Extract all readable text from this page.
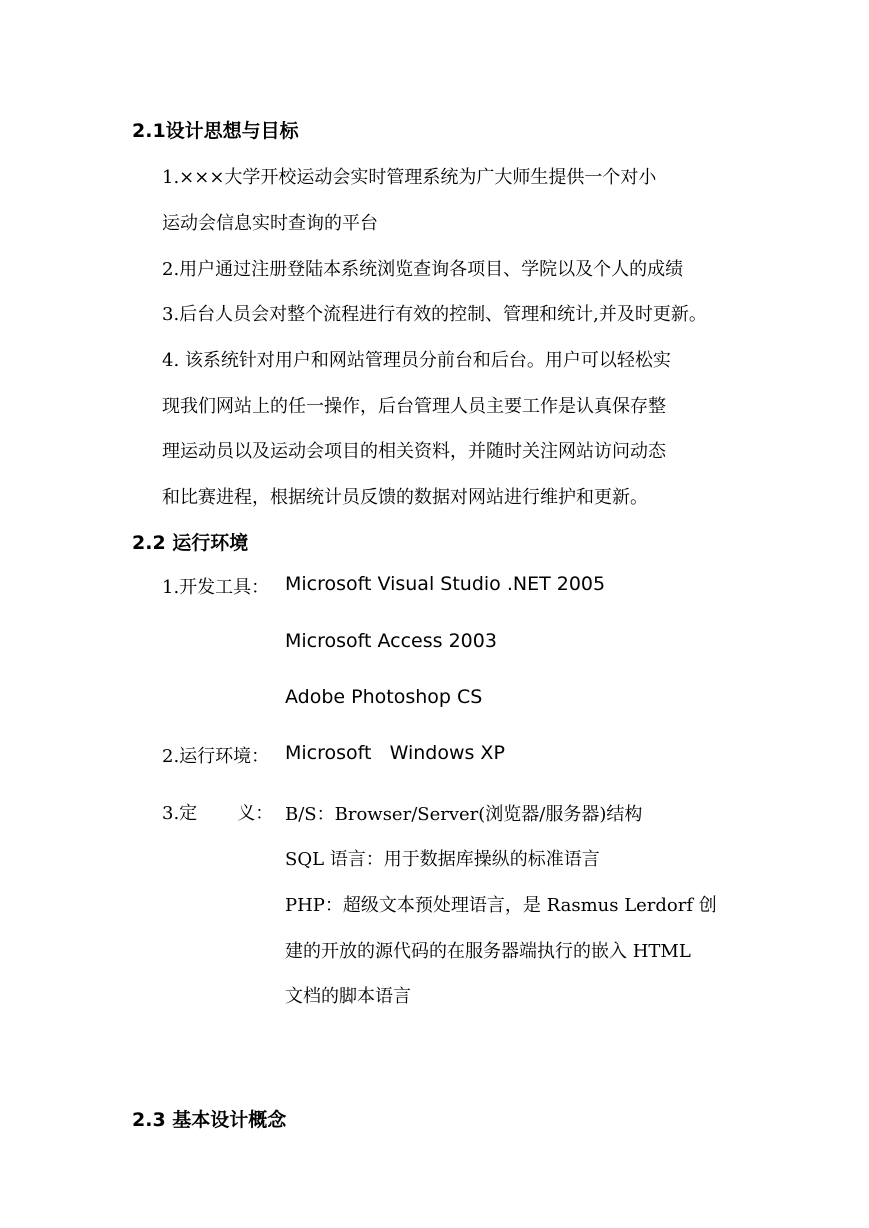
2.1设计思想与目标
1.×××大学开校运动会实时管理系统为广大师生提供一个对小
运动会信息实时查询的平台
2.用户通过注册登陆本系统浏览查询各项目、学院以及个人的成绩
3.后台人员会对整个流程进行有效的控制、管理和统计,并及时更新。
4. 该系统针对用户和网站管理员分前台和后台。用户可以轻松实
现我们网站上的任一操作，后台管理人员主要工作是认真保存整
理运动员以及运动会项目的相关资料，并随时关注网站访问动态
和比赛进程，根据统计员反馈的数据对网站进行维护和更新。
2.2 运行环境
1.开发工具： Microsoft Visual Studio .NET 2005
Microsoft Access 2003
Adobe Photoshop CS
2.运行环境： Microsoft   Windows XP
3.定       义： B/S：Browser/Server(浏览器/服务器)结构
SQL 语言：用于数据库操纵的标准语言
PHP：超级文本预处理语言，是 Rasmus Lerdorf 创
建的开放的源代码的在服务器端执行的嵌入 HTML
文档的脚本语言
2.3 基本设计概念
